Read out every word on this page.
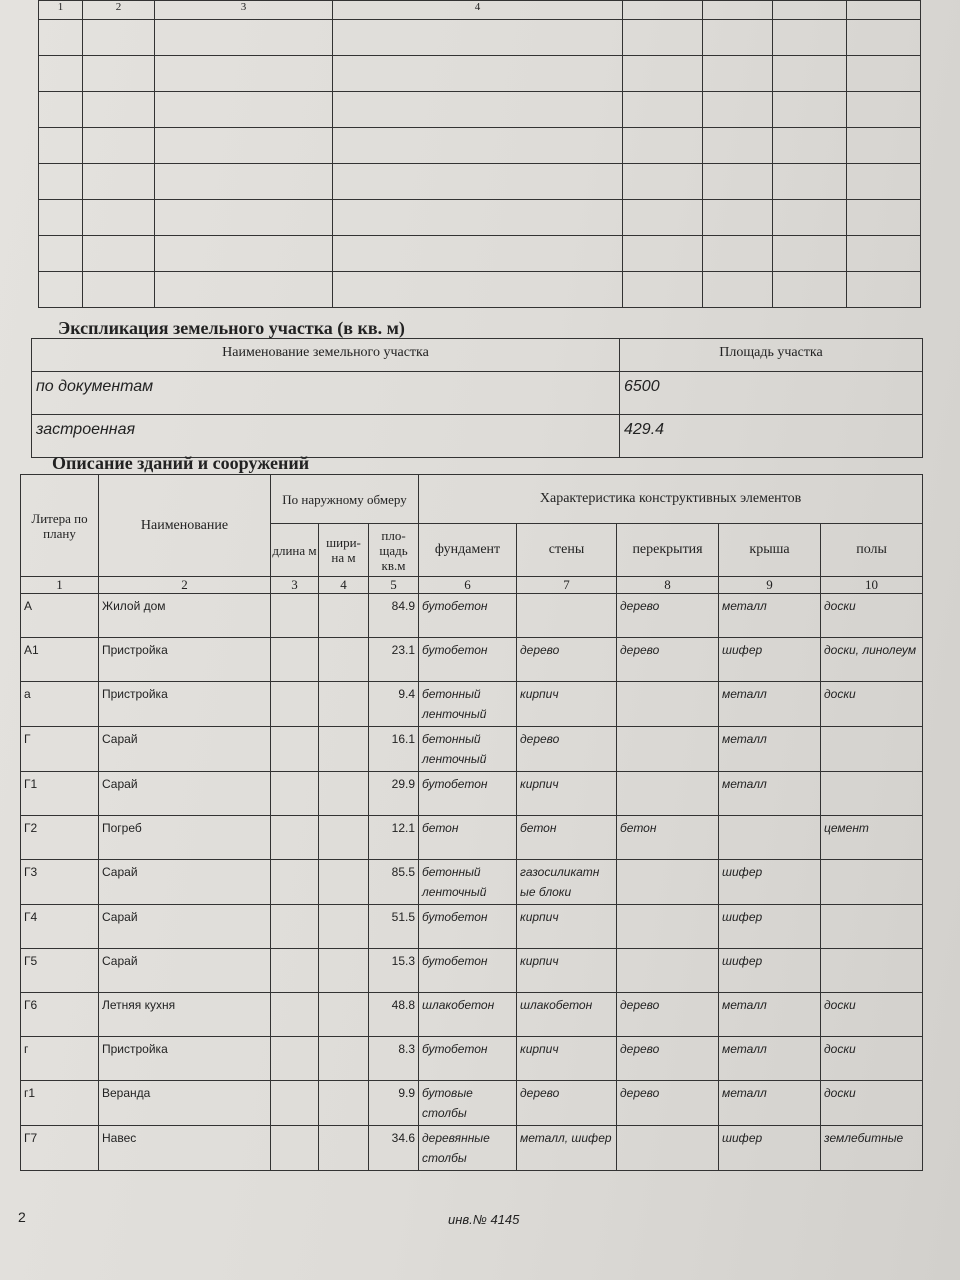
1	2	3	4				

Экспликация земельного участка (в кв. м)
Наименование земельного участка	Площадь участка
по документам	6500
застроенная	429.4
Описание зданий и сооружений
Литера по плану	Наименование	По наружному обмеру			Характеристика конструктивных элементов				
		длина м	шири- на м	пло- щадь кв.м	фундамент	стены	перекрытия	крыша	полы
1	2	3	4	5	6	7	8	9	10
А	Жилой дом			84.9	бутобетон		дерево	металл	доски
А1	Пристройка			23.1	бутобетон	дерево	дерево	шифер	доски, линолеум
а	Пристройка			9.4	бетонный ленточный	кирпич		металл	доски
Г	Сарай			16.1	бетонный ленточный	дерево		металл	
Г1	Сарай			29.9	бутобетон	кирпич		металл	
Г2	Погреб			12.1	бетон	бетон	бетон		цемент
Г3	Сарай			85.5	бетонный ленточный	газосиликатн ые блоки		шифер	
Г4	Сарай			51.5	бутобетон	кирпич		шифер	
Г5	Сарай			15.3	бутобетон	кирпич		шифер	
Г6	Летняя кухня			48.8	шлакобетон	шлакобетон	дерево	металл	доски
г	Пристройка			8.3	бутобетон	кирпич	дерево	металл	доски
г1	Веранда			9.9	бутовые столбы	дерево	дерево	металл	доски
Г7	Навес			34.6	деревянные столбы	металл, шифер		шифер	землебитные
2	инв.№ 4145
